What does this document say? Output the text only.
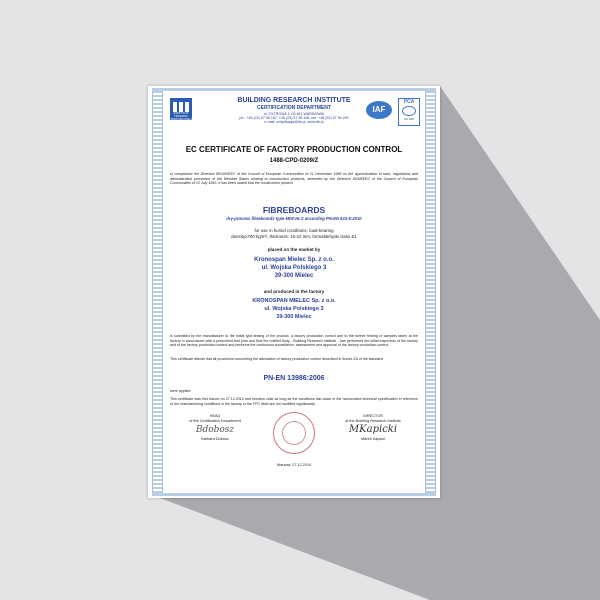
INSTYTUT TECHNIKI BUDOWLANEJ
BUILDING RESEARCH INSTITUTE
CERTIFICATION DEPARTMENT
ul. FILTROWA 1, 00-611 WARSZAWA
ph.: +48 (22) 57 96 167, +48 (22) 57 96 168, fax: +48 (22) 57 96 290
e-mail: certyfikacja@itb.pl, www.itb.pl
IAF
PCA
AC 020
EC CERTIFICATE OF FACTORY PRODUCTION CONTROL
1488-CPD-0209/Z
In compliance the Directive 89/106/EEC of the Council of European Communities of 21 December 1988 on the approximation of laws, regulations and administrative provisions of the Member States relating to construction products, amended by the Directive 93/68/EEC of the Council of European Communities of 22 July 1993, it has been stated that the construction product
FIBREBOARDS
dry-process fibreboards type MDF.HLS according PN-EN 622-5:2010
for use in humid conditions, load-bearing
density≥700 kg/m³, thickness: 10-22 mm, formaldehyde class E1
placed on the market by
Kronospan Mielec Sp. z o.o.
ul. Wojska Polskiego 3
39-300 Mielec
and produced in the factory
KRONOSPAN MIELEC Sp. z o.o.
ul. Wojska Polskiego 3
39-300 Mielec
is submitted by the manufacturer to the initial type-testing of the product, a factory production control and to the further testing of samples taken at the factory in accordance with a prescribed test plan and that the notified body - Building Research Institute - has performed the initial inspection of the factory and of the factory production control and performs the continuous surveillance, assessment and approval of the factory production control.
This certificate attests that all provisions concerning the attestation of factory production control described in Annex ZA of the standard
PN-EN 13986:2006
were applied.
This certificate was first issued on 27.12.2010 and remains valid as long as the conditions laid down in the harmonised technical specification in reference or the manufacturing conditions in the factory or the FPC itself are not modified significantly.
HEAD
of the Certification Department
Bdobosz
Barbara Dobosz
DIRECTOR
of the Building Research Institute
MKapicki
Marek Kapicki
Warsaw, 27.12.2010
